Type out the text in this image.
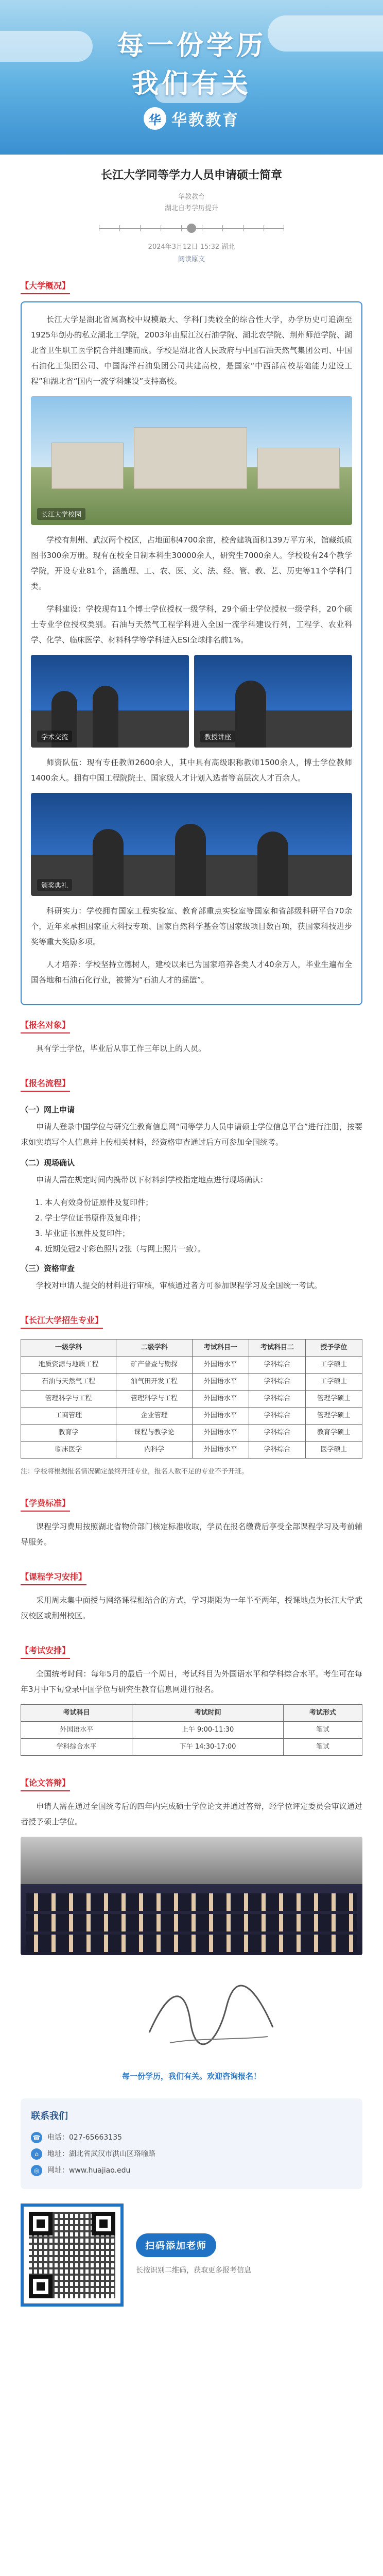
每一份学历
我们有关
华 华教教育
长江大学同等学力人员申请硕士简章
华教教育
湖北自考学历提升
2024年3月12日 15:32 湖北
阅读原文
【大学概况】

长江大学是湖北省属高校中规模最大、学科门类较全的综合性大学，办学历史可追溯至1925年创办的私立湖北工学院，2003年由原江汉石油学院、湖北农学院、荆州师范学院、湖北省卫生职工医学院合并组建而成。学校是湖北省人民政府与中国石油天然气集团公司、中国石油化工集团公司、中国海洋石油集团公司共建高校，是国家“中西部高校基础能力建设工程”和湖北省“国内一流学科建设”支持高校。

长江大学校园

学校有荆州、武汉两个校区，占地面积4700余亩，校舍建筑面积139万平方米，馆藏纸质图书300余万册。现有在校全日制本科生30000余人，研究生7000余人。学校设有24个教学学院，开设专业81个，涵盖理、工、农、医、文、法、经、管、教、艺、历史等11个学科门类。

学科建设：学校现有11个博士学位授权一级学科，29个硕士学位授权一级学科，20个硕士专业学位授权类别。石油与天然气工程学科进入全国一流学科建设行列，工程学、农业科学、化学、临床医学、材料科学等学科进入ESI全球排名前1%。

学术交流	教授讲座

师资队伍：现有专任教师2600余人，其中具有高级职称教师1500余人，博士学位教师1400余人。拥有中国工程院院士、国家级人才计划入选者等高层次人才百余人。

颁奖典礼

科研实力：学校拥有国家工程实验室、教育部重点实验室等国家和省部级科研平台70余个，近年来承担国家重大科技专项、国家自然科学基金等国家级项目数百项，获国家科技进步奖等重大奖励多项。

人才培养：学校坚持立德树人，建校以来已为国家培养各类人才40余万人，毕业生遍布全国各地和石油石化行业，被誉为“石油人才的摇篮”。

【报名对象】

具有学士学位，毕业后从事工作三年以上的人员。

【报名流程】
（一）网上申请

申请人登录中国学位与研究生教育信息网“同等学力人员申请硕士学位信息平台”进行注册，按要求如实填写个人信息并上传相关材料，经资格审查通过后方可参加全国统考。

（二）现场确认

申请人需在规定时间内携带以下材料到学校指定地点进行现场确认：

1. 本人有效身份证原件及复印件；
2. 学士学位证书原件及复印件；
3. 毕业证书原件及复印件；
4. 近期免冠2寸彩色照片2张（与网上照片一致）。
（三）资格审查

学校对申请人提交的材料进行审核，审核通过者方可参加课程学习及全国统一考试。

【长江大学招生专业】
一级学科	二级学科	考试科目一	考试科目二	授予学位
地质资源与地质工程	矿产普查与勘探	外国语水平	学科综合	工学硕士
石油与天然气工程	油气田开发工程	外国语水平	学科综合	工学硕士
管理科学与工程	管理科学与工程	外国语水平	学科综合	管理学硕士
工商管理	企业管理	外国语水平	学科综合	管理学硕士
教育学	课程与教学论	外国语水平	学科综合	教育学硕士
临床医学	内科学	外国语水平	学科综合	医学硕士
注：学校将根据报名情况确定最终开班专业，报名人数不足的专业不予开班。
【学费标准】

课程学习费用按照湖北省物价部门核定标准收取，学员在报名缴费后享受全部课程学习及考前辅导服务。

【课程学习安排】

采用周末集中面授与网络课程相结合的方式，学习期限为一年半至两年，授课地点为长江大学武汉校区或荆州校区。

【考试安排】

全国统考时间：每年5月的最后一个周日，考试科目为外国语水平和学科综合水平。考生可在每年3月中下旬登录中国学位与研究生教育信息网进行报名。

考试科目	考试时间	考试形式
外国语水平	上午 9:00-11:30	笔试
学科综合水平	下午 14:30-17:00	笔试
【论文答辩】

申请人需在通过全国统考后的四年内完成硕士学位论文并通过答辩，经学位评定委员会审议通过者授予硕士学位。

每一份学历，我们有关。欢迎咨询报名！

联系我们
☎ 电话：027-65663135
⌂	地址：湖北省武汉市洪山区珞喻路
◎	网址：www.huajiao.edu
扫码添加老师
长按识别二维码，获取更多报考信息
